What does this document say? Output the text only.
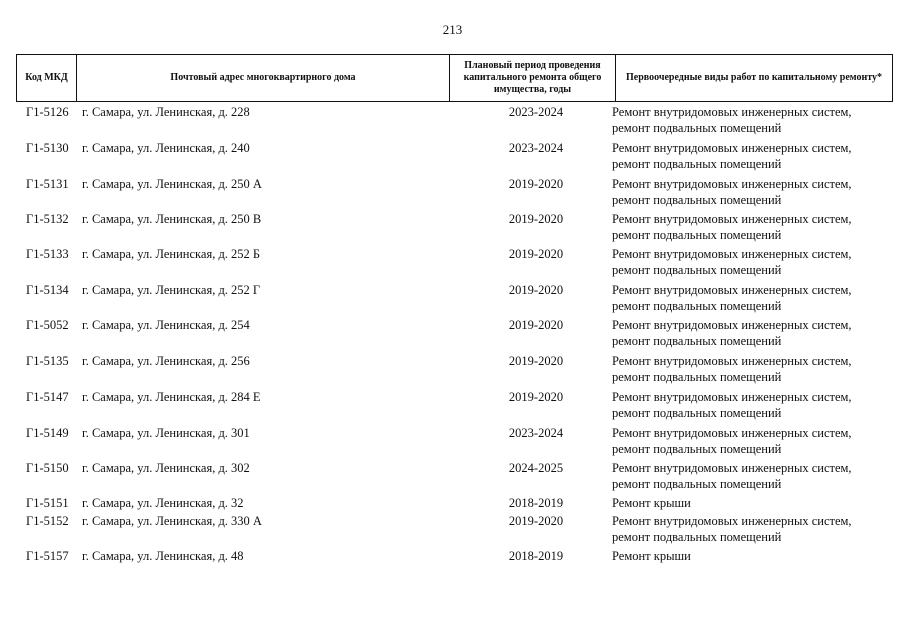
213
Код МКД	Почтовый адрес многоквартирного дома	Плановый период проведения капитального ремонта общего имущества, годы	Первоочередные виды работ по капитальному ремонту*
Г1-5126	г. Самара, ул. Ленинская, д. 228	2023-2024	Ремонт внутридомовых инженерных систем, ремонт подвальных помещений
Г1-5130	г. Самара, ул. Ленинская, д. 240	2023-2024	Ремонт внутридомовых инженерных систем, ремонт подвальных помещений
Г1-5131	г. Самара, ул. Ленинская, д. 250 А	2019-2020	Ремонт внутридомовых инженерных систем, ремонт подвальных помещений
Г1-5132	г. Самара, ул. Ленинская, д. 250 В	2019-2020	Ремонт внутридомовых инженерных систем, ремонт подвальных помещений
Г1-5133	г. Самара, ул. Ленинская, д. 252 Б	2019-2020	Ремонт внутридомовых инженерных систем, ремонт подвальных помещений
Г1-5134	г. Самара, ул. Ленинская, д. 252 Г	2019-2020	Ремонт внутридомовых инженерных систем, ремонт подвальных помещений
Г1-5052	г. Самара, ул. Ленинская, д. 254	2019-2020	Ремонт внутридомовых инженерных систем, ремонт подвальных помещений
Г1-5135	г. Самара, ул. Ленинская, д. 256	2019-2020	Ремонт внутридомовых инженерных систем, ремонт подвальных помещений
Г1-5147	г. Самара, ул. Ленинская, д. 284 Е	2019-2020	Ремонт внутридомовых инженерных систем, ремонт подвальных помещений
Г1-5149	г. Самара, ул. Ленинская, д. 301	2023-2024	Ремонт внутридомовых инженерных систем, ремонт подвальных помещений
Г1-5150	г. Самара, ул. Ленинская, д. 302	2024-2025	Ремонт внутридомовых инженерных систем, ремонт подвальных помещений
Г1-5151	г. Самара, ул. Ленинская, д. 32	2018-2019	Ремонт крыши
Г1-5152	г. Самара, ул. Ленинская, д. 330 А	2019-2020	Ремонт внутридомовых инженерных систем, ремонт подвальных помещений
Г1-5157	г. Самара, ул. Ленинская, д. 48	2018-2019	Ремонт крыши
